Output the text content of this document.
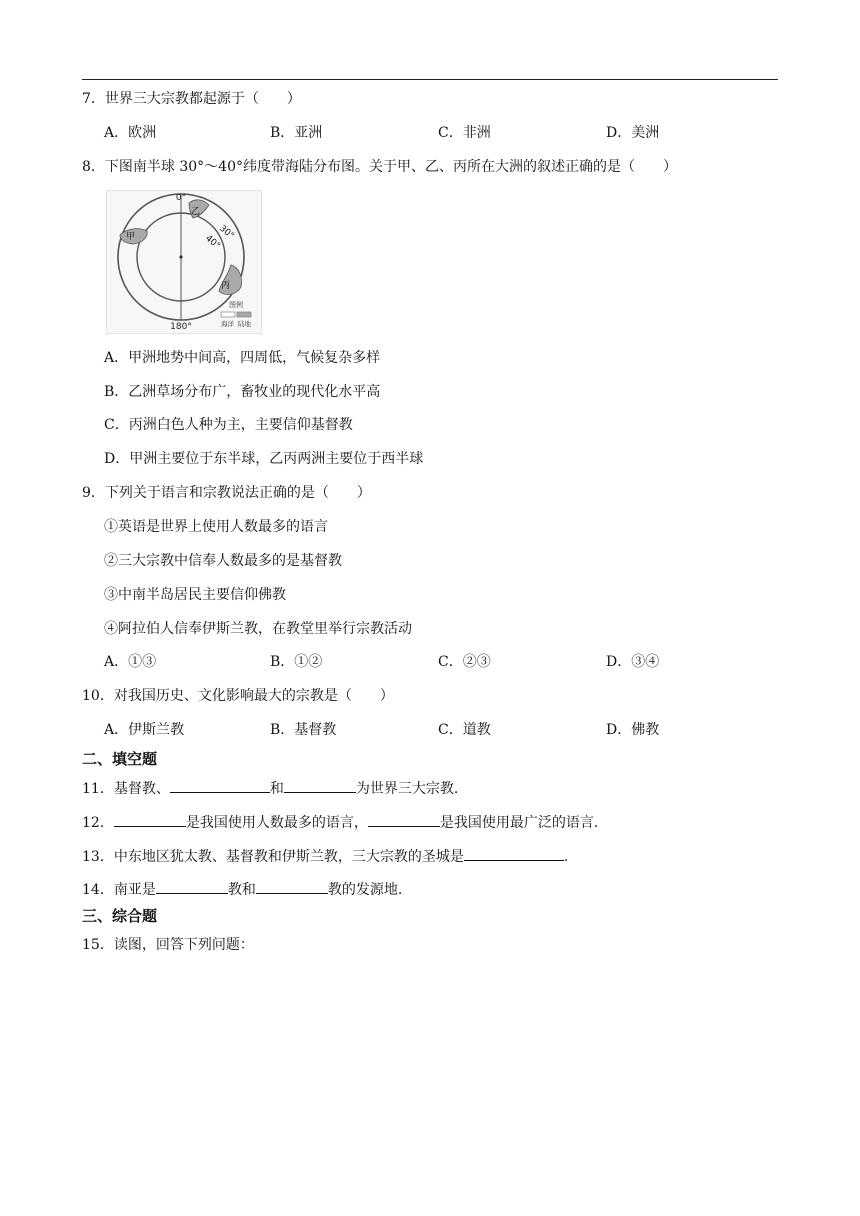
7．世界三大宗教都起源于（　　）
A．欧洲	B．亚洲	C．非洲	D．美洲
8．下图南半球 30°～40°纬度带海陆分布图。关于甲、乙、丙所在大洲的叙述正确的是（　　）
0°
180°
30°
40°
乙
甲
丙
图例
海洋 陆地
A．甲洲地势中间高，四周低，气候复杂多样
B．乙洲草场分布广，畜牧业的现代化水平高
C．丙洲白色人种为主，主要信仰基督教
D．甲洲主要位于东半球，乙丙两洲主要位于西半球
9．下列关于语言和宗教说法正确的是（　　）
①英语是世界上使用人数最多的语言
②三大宗教中信奉人数最多的是基督教
③中南半岛居民主要信仰佛教
④阿拉伯人信奉伊斯兰教，在教堂里举行宗教活动
A．①③	B．①②	C．②③	D．③④
10．对我国历史、文化影响最大的宗教是（　　）
A．伊斯兰教	B．基督教	C．道教	D．佛教
二、填空题
11．基督教、	和	为世界三大宗教.
12．	是我国使用人数最多的语言，	是我国使用最广泛的语言.
13．中东地区犹太教、基督教和伊斯兰教，三大宗教的圣城是	.
14．南亚是	教和	教的发源地.
三、综合题
15．读图，回答下列问题：
